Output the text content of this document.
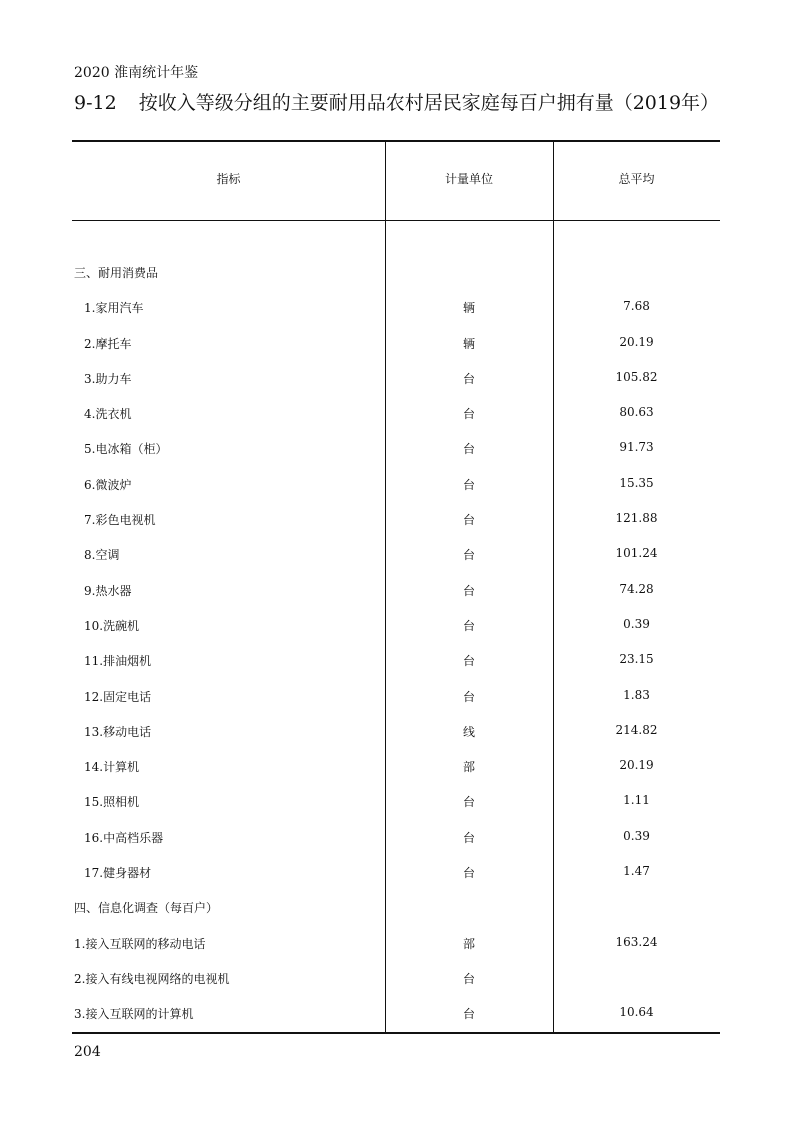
2020 淮南统计年鉴
9-12 按收入等级分组的主要耐用品农村居民家庭每百户拥有量（2019年）
指标	计量单位	总平均
三、耐用消费品
1.家用汽车	辆	7.68
2.摩托车	辆	20.19
3.助力车	台	105.82
4.洗衣机	台	80.63
5.电冰箱（柜）	台	91.73
6.微波炉	台	15.35
7.彩色电视机	台	121.88
8.空调	台	101.24
9.热水器	台	74.28
10.洗碗机	台	0.39
11.排油烟机	台	23.15
12.固定电话	台	1.83
13.移动电话	线	214.82
14.计算机	部	20.19
15.照相机	台	1.11
16.中高档乐器	台	0.39
17.健身器材	台	1.47
四、信息化调查（每百户）
1.接入互联网的移动电话	部	163.24
2.接入有线电视网络的电视机	台
3.接入互联网的计算机	台	10.64
204
